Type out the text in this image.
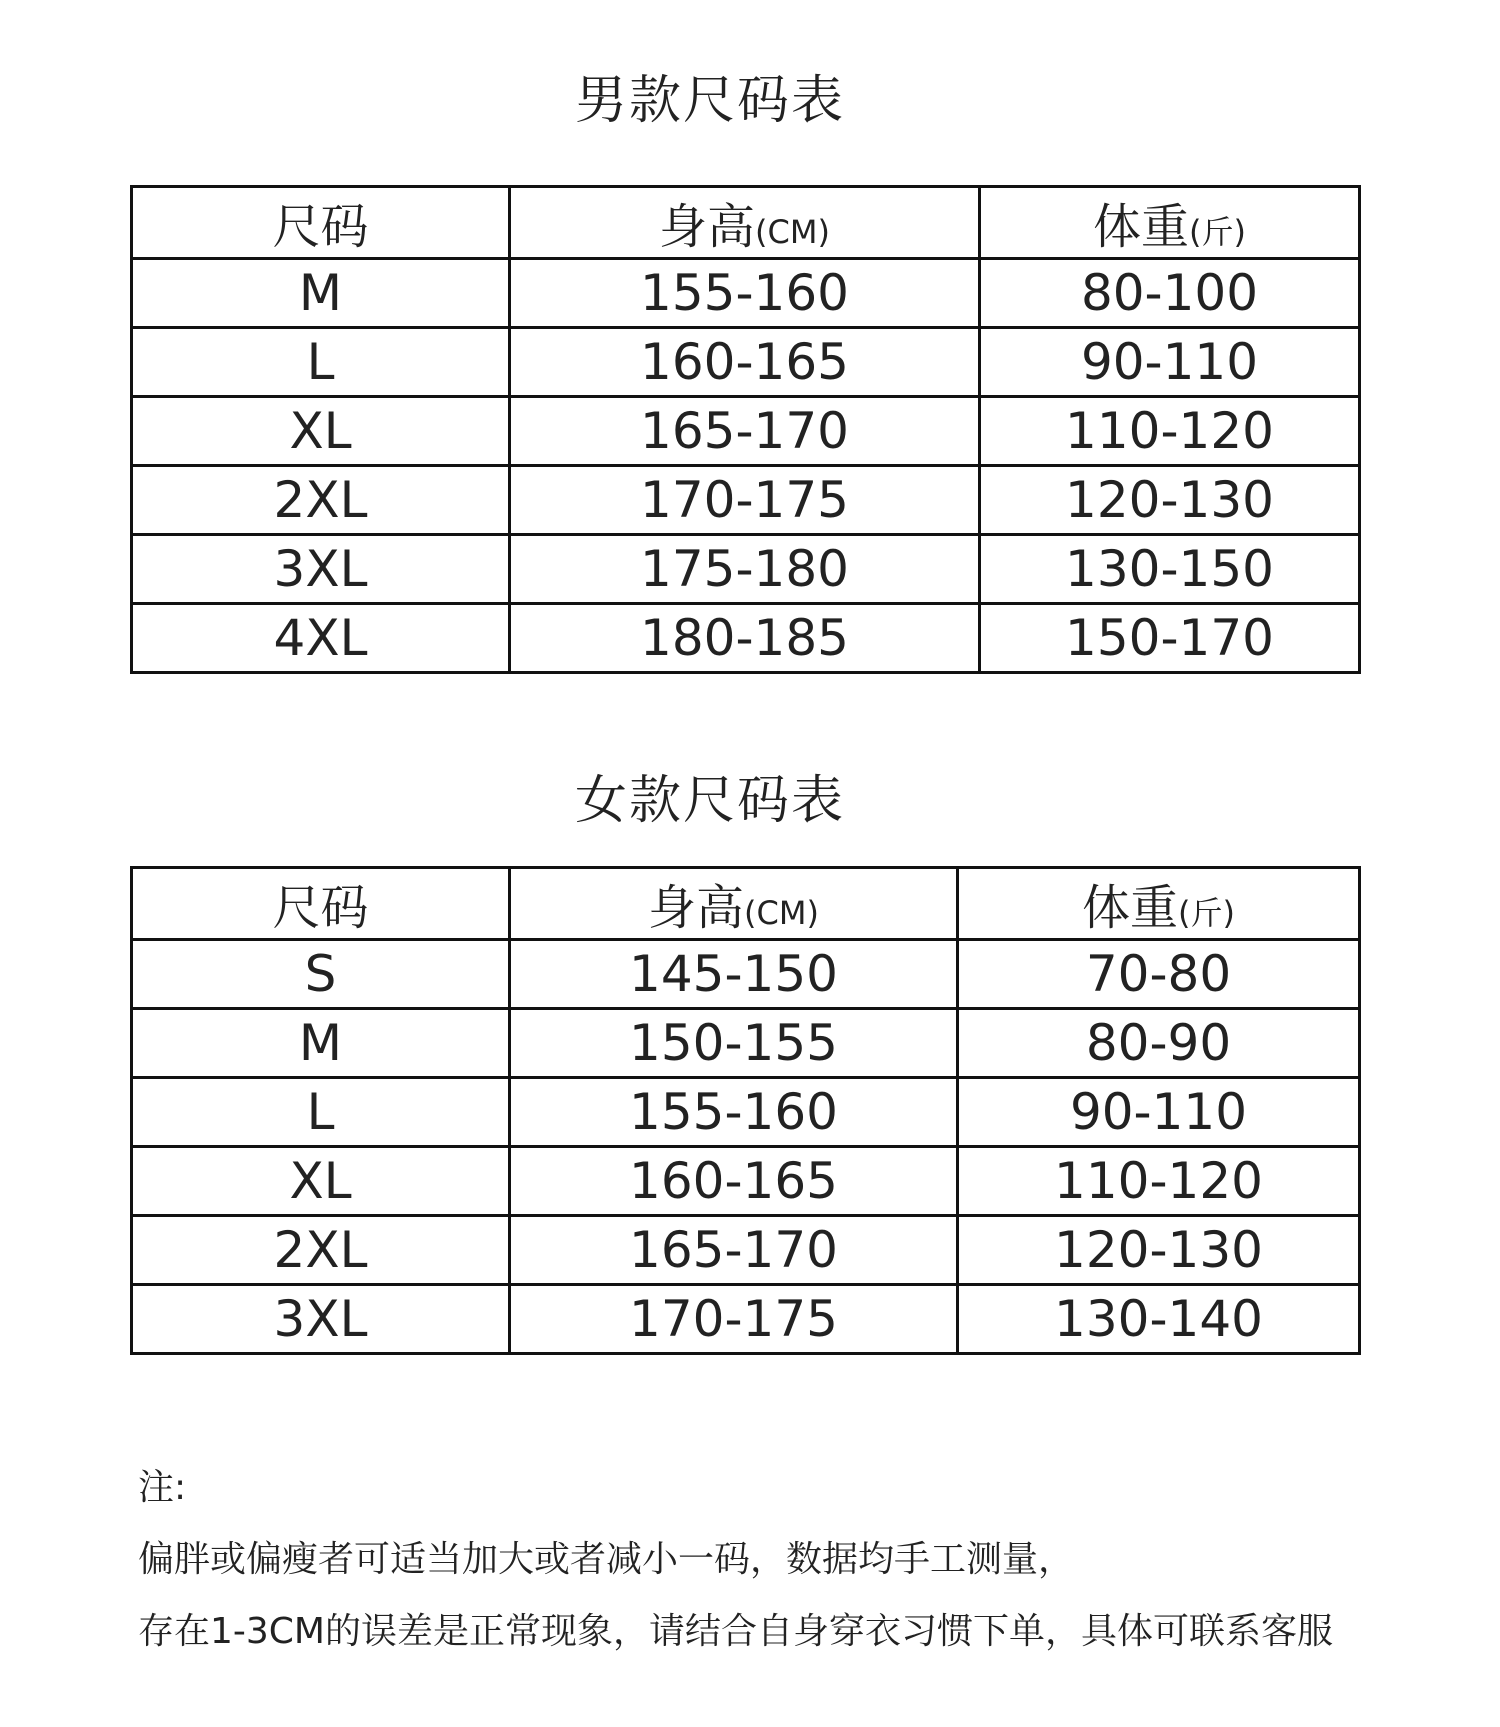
男款尺码表
尺码	身高(CM)	体重(斤)
M	155-160	80-100
L	160-165	90-110
XL	165-170	110-120
2XL	170-175	120-130
3XL	175-180	130-150
4XL	180-185	150-170
女款尺码表
尺码	身高(CM)	体重(斤)
S	145-150	70-80
M	150-155	80-90
L	155-160	90-110
XL	160-165	110-120
2XL	165-170	120-130
3XL	170-175	130-140
注:
偏胖或偏瘦者可适当加大或者减小一码，数据均手工测量，
存在1-3CM的误差是正常现象，请结合自身穿衣习惯下单，具体可联系客服
